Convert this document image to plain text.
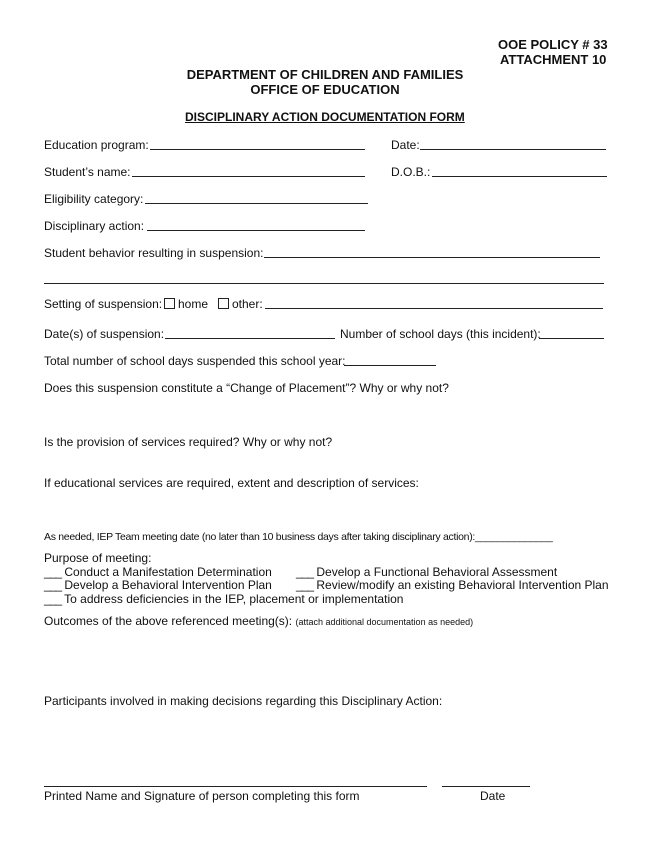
OOE POLICY # 33
ATTACHMENT 10
DEPARTMENT OF CHILDREN AND FAMILIES
OFFICE OF EDUCATION
DISCIPLINARY ACTION DOCUMENTATION FORM
Education program:	Date:
Student’s name:	D.O.B.:
Eligibility category:
Disciplinary action:
Student behavior resulting in suspension:
Setting of suspension: home other:
Date(s) of suspension:	Number of school days (this incident):
Total number of school days suspended this school year:
Does this suspension constitute a “Change of Placement”? Why or why not?
Is the provision of services required? Why or why not?
If educational services are required, extent and description of services:
As needed, IEP Team meeting date (no later than 10 business days after taking disciplinary action):______________
Purpose of meeting:
___ Conduct a Manifestation Determination ___ Develop a Functional Behavioral Assessment
___ Develop a Behavioral Intervention Plan ___ Review/modify an existing Behavioral Intervention Plan
___ To address deficiencies in the IEP, placement or implementation
Outcomes of the above referenced meeting(s): (attach additional documentation as needed)
Participants involved in making decisions regarding this Disciplinary Action:
Printed Name and Signature of person completing this form	Date
